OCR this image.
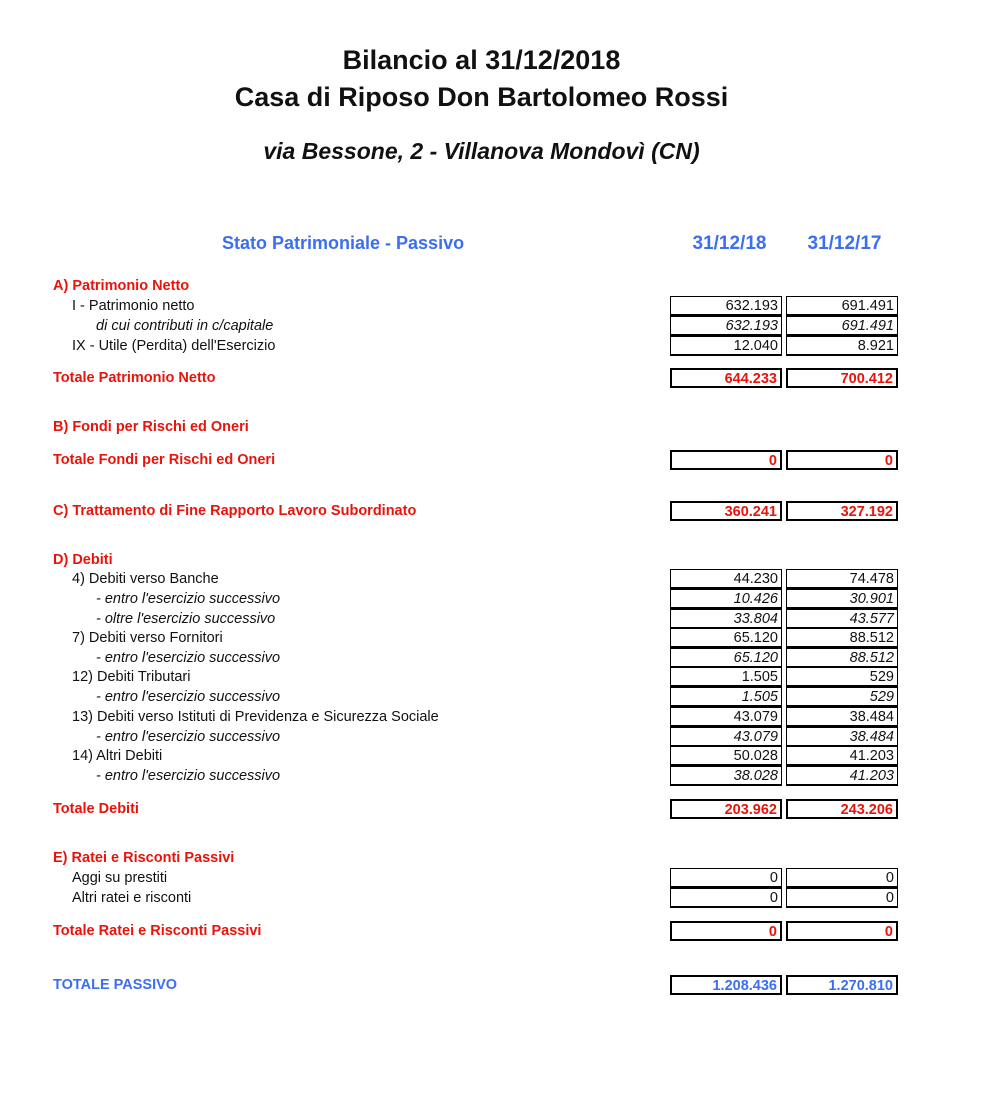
Bilancio al 31/12/2018
Casa di Riposo Don Bartolomeo Rossi
via Bessone, 2 - Villanova Mondovì (CN)
Stato Patrimoniale - Passivo	31/12/18	31/12/17
A) Patrimonio Netto
I - Patrimonio netto	632.193	691.491
di cui contributi in c/capitale	632.193	691.491
IX - Utile (Perdita) dell'Esercizio	12.040	8.921
Totale Patrimonio Netto	644.233	700.412
B) Fondi per Rischi ed Oneri
Totale Fondi per Rischi ed Oneri	0	0
C) Trattamento di Fine Rapporto Lavoro Subordinato	360.241	327.192
D) Debiti
4) Debiti verso Banche	44.230	74.478
- entro l'esercizio successivo	10.426	30.901
- oltre l'esercizio successivo	33.804	43.577
7) Debiti verso Fornitori	65.120	88.512
- entro l'esercizio successivo	65.120	88.512
12) Debiti Tributari	1.505	529
- entro l'esercizio successivo	1.505	529
13) Debiti verso Istituti di Previdenza e Sicurezza Sociale	43.079	38.484
- entro l'esercizio successivo	43.079	38.484
14) Altri Debiti	50.028	41.203
- entro l'esercizio successivo	38.028	41.203
Totale Debiti	203.962	243.206
E) Ratei e Risconti Passivi
Aggi su prestiti	0	0
Altri ratei e risconti	0	0
Totale Ratei e Risconti Passivi	0	0
TOTALE PASSIVO	1.208.436	1.270.810
